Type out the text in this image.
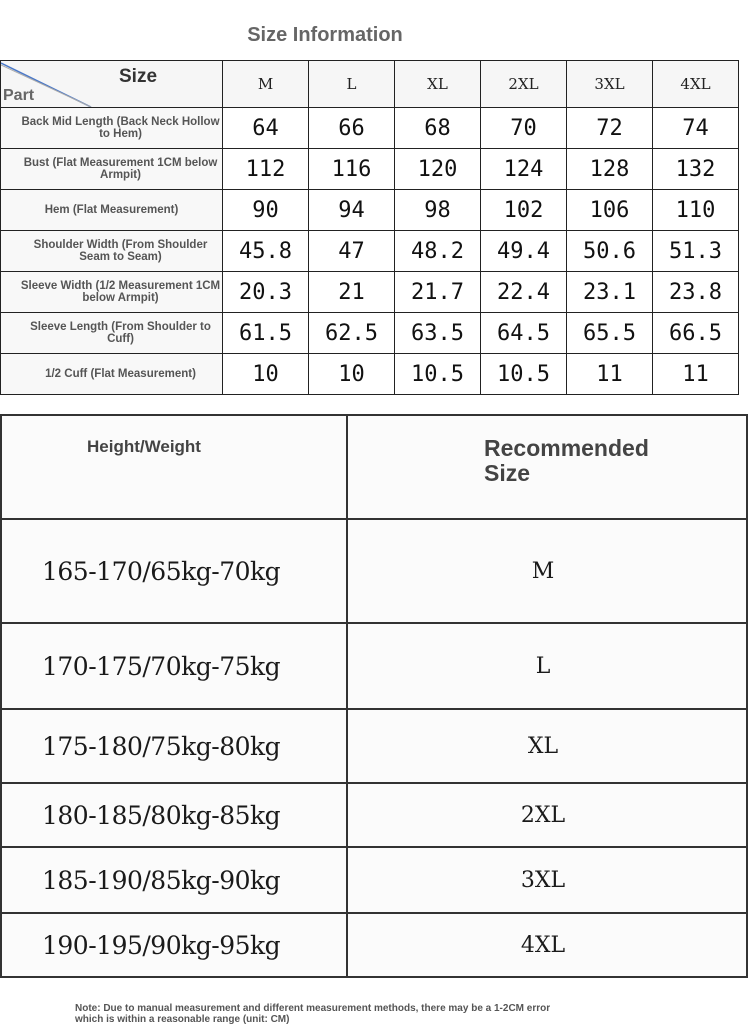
Size Information
Size
Part	M	L	XL	2XL	3XL	4XL
Back Mid Length (Back Neck Hollow to Hem)	64	66	68	70	72	74
Bust (Flat Measurement 1CM below Armpit)	112	116	120	124	128	132
Hem (Flat Measurement)	90	94	98	102	106	110
Shoulder Width (From Shoulder Seam to Seam)	45.8	47	48.2	49.4	50.6	51.3
Sleeve Width (1/2 Measurement 1CM below Armpit)	20.3	21	21.7	22.4	23.1	23.8
Sleeve Length (From Shoulder to Cuff)	61.5	62.5	63.5	64.5	65.5	66.5
1/2 Cuff (Flat Measurement)	10	10	10.5	10.5	11	11
Height/Weight	Recommended Size
165-170/65kg-70kg	M
170-175/70kg-75kg	L
175-180/75kg-80kg	XL
180-185/80kg-85kg	2XL
185-190/85kg-90kg	3XL
190-195/90kg-95kg	4XL
Note: Due to manual measurement and different measurement methods, there may be a 1-2CM error which is within a reasonable range (unit: CM)
